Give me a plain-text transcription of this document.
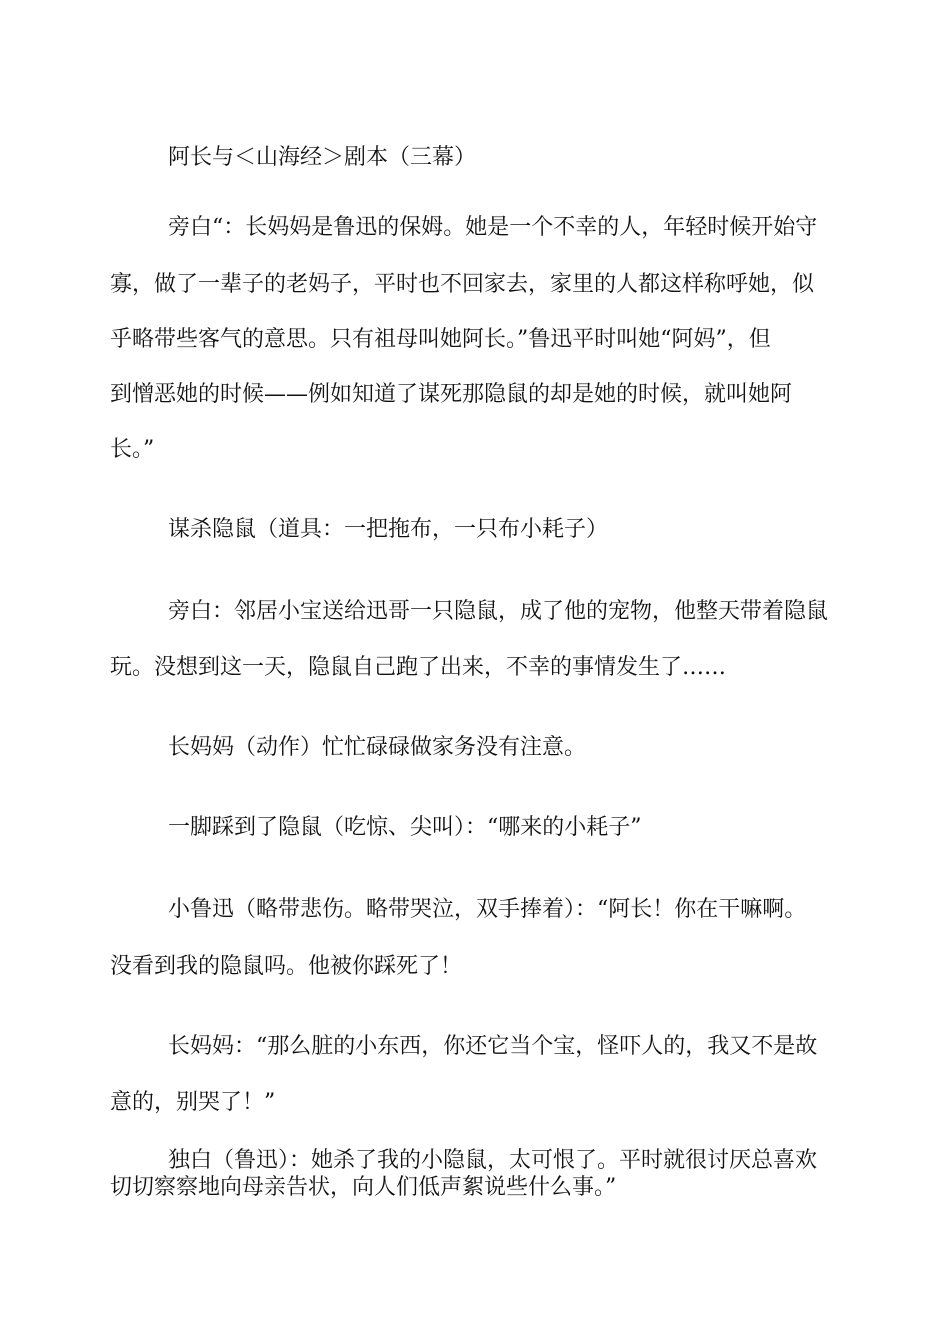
阿长与＜山海经＞剧本（三幕）
旁白“：长妈妈是鲁迅的保姆。她是一个不幸的人，年轻时候开始守
寡，做了一辈子的老妈子，平时也不回家去，家里的人都这样称呼她，似
乎略带些客气的意思。只有祖母叫她阿长。”鲁迅平时叫她“阿妈”，但
到憎恶她的时候——例如知道了谋死那隐鼠的却是她的时候，就叫她阿
长。”
谋杀隐鼠（道具：一把拖布，一只布小耗子）
旁白：邻居小宝送给迅哥一只隐鼠，成了他的宠物，他整天带着隐鼠
玩。没想到这一天，隐鼠自己跑了出来，不幸的事情发生了……
长妈妈（动作）忙忙碌碌做家务没有注意。
一脚踩到了隐鼠（吃惊、尖叫）：“哪来的小耗子”
小鲁迅（略带悲伤。略带哭泣，双手捧着）：“阿长！你在干嘛啊。
没看到我的隐鼠吗。他被你踩死了！
长妈妈：“那么脏的小东西，你还它当个宝，怪吓人的，我又不是故
意的，别哭了！”
独白（鲁迅）：她杀了我的小隐鼠，太可恨了。平时就很讨厌总喜欢
切切察察地向母亲告状，向人们低声絮说些什么事。”
